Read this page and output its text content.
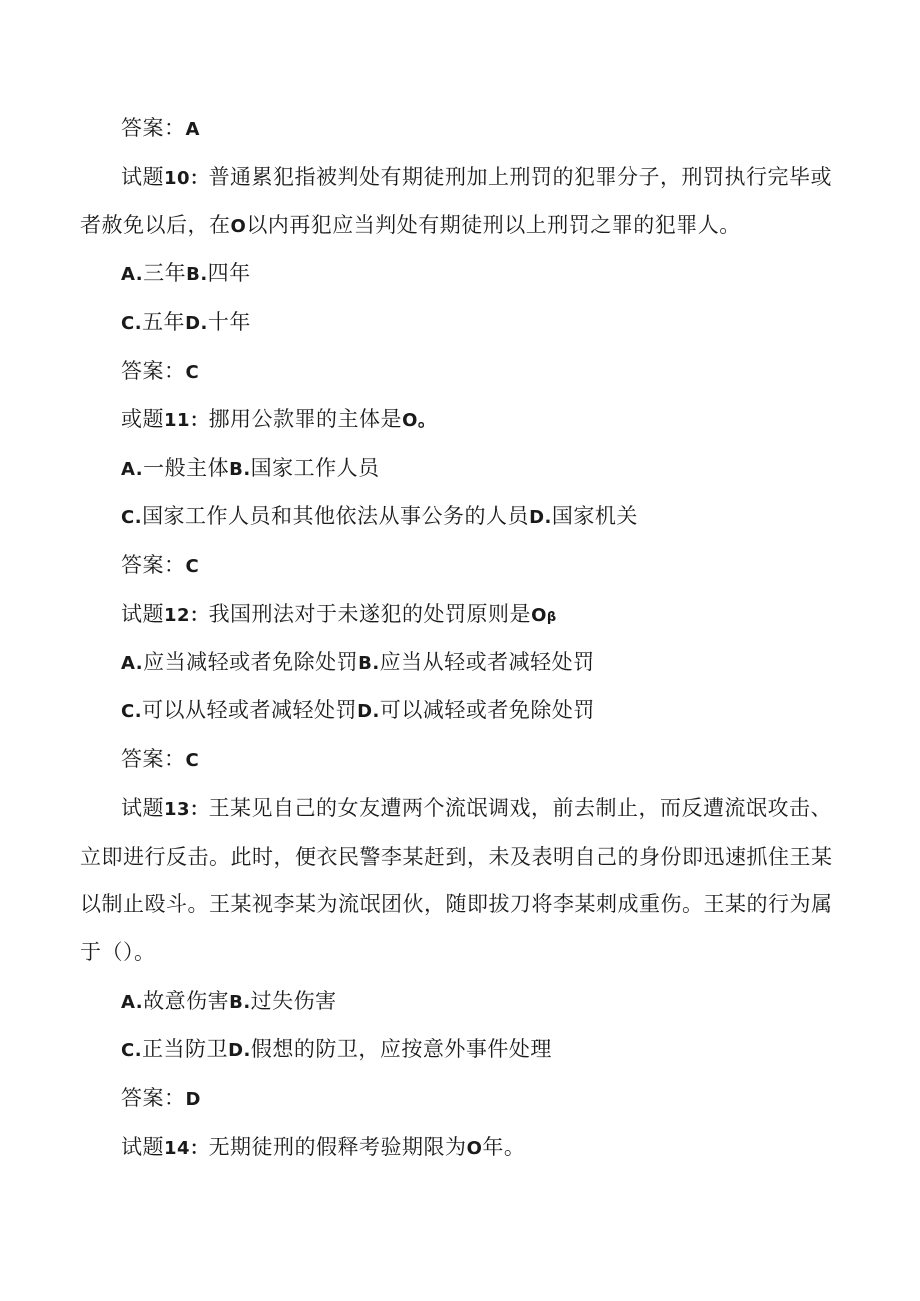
答案：A

试题10：普通累犯指被判处有期徒刑加上刑罚的犯罪分子，刑罚执行完毕或

者赦免以后，在O以内再犯应当判处有期徒刑以上刑罚之罪的犯罪人。

A.三年B.四年

C.五年D.十年

答案：C

或题11：挪用公款罪的主体是O。

A.一般主体B.国家工作人员

C.国家工作人员和其他依法从事公务的人员D.国家机关

答案：C

试题12：我国刑法对于未遂犯的处罚原则是Oβ

A.应当减轻或者免除处罚B.应当从轻或者减轻处罚

C.可以从轻或者减轻处罚D.可以减轻或者免除处罚

答案：C

试题13：王某见自己的女友遭两个流氓调戏，前去制止，而反遭流氓攻击、

立即进行反击。此时，便衣民警李某赶到，未及表明自己的身份即迅速抓住王某

以制止殴斗。王某视李某为流氓团伙，随即拔刀将李某刺成重伤。王某的行为属

于（）。

A.故意伤害B.过失伤害

C.正当防卫D.假想的防卫，应按意外事件处理

答案：D

试题14：无期徒刑的假释考验期限为O年。
